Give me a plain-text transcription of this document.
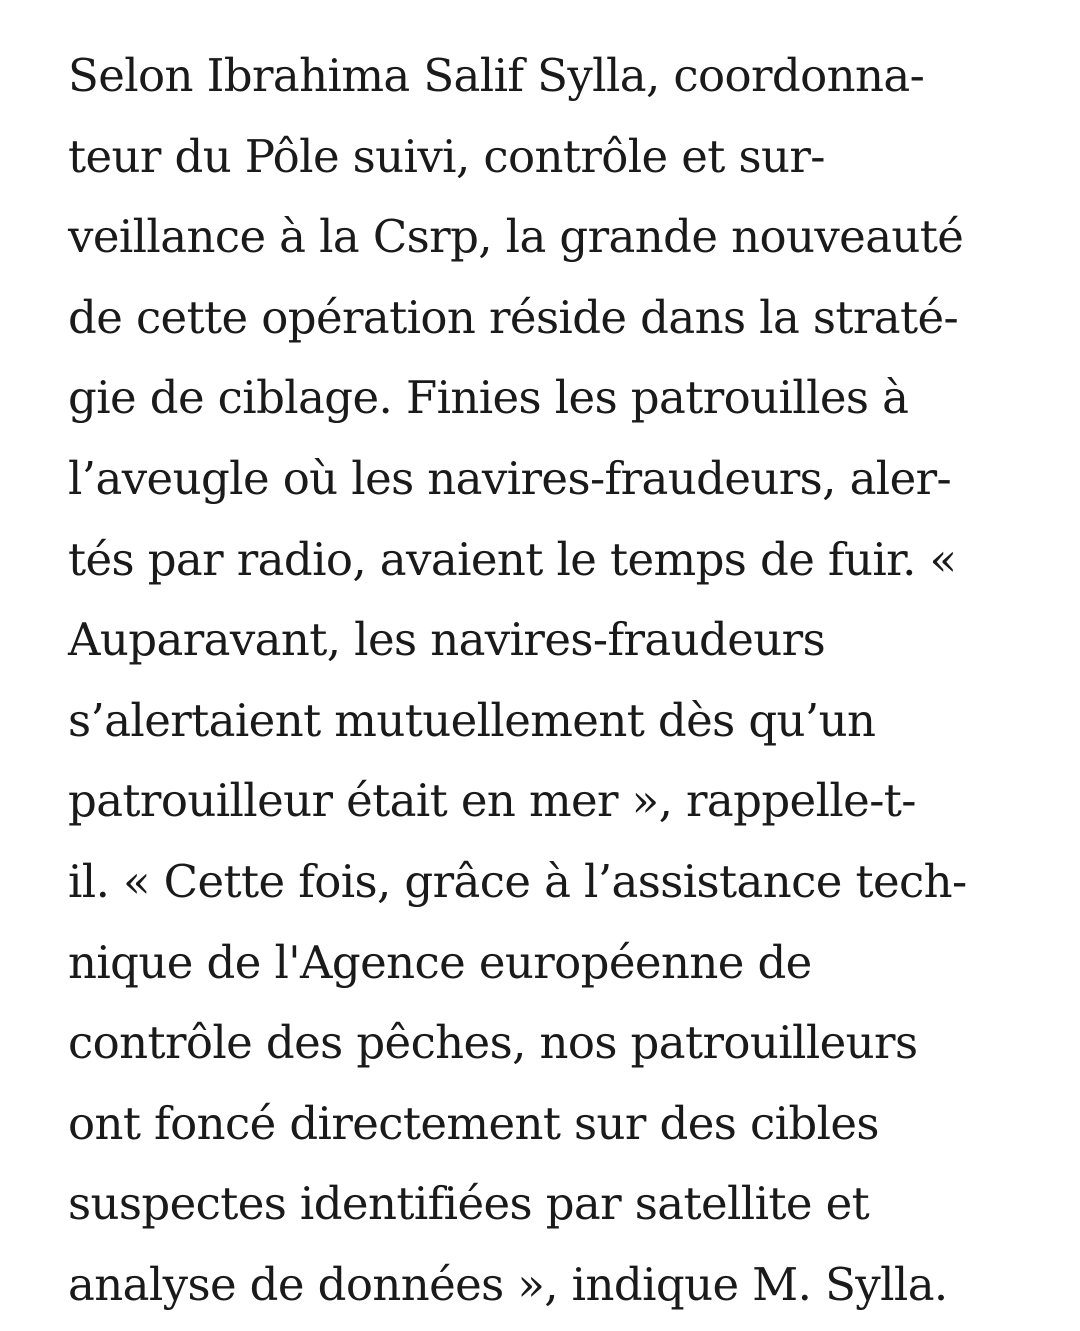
Selon Ibrahima Salif Sylla, coordonna-
teur du Pôle suivi, contrôle et sur-
veillance à la Csrp, la grande nouveauté
de cette opération réside dans la straté-
gie de ciblage. Finies les patrouilles à
l’aveugle où les navires-fraudeurs, aler-
tés par radio, avaient le temps de fuir. «
Auparavant, les navires-fraudeurs
s’alertaient mutuellement dès qu’un
patrouilleur était en mer », rappelle-t-
il. « Cette fois, grâce à l’assistance tech-
nique de l'Agence européenne de
contrôle des pêches, nos patrouilleurs
ont foncé directement sur des cibles
suspectes identifiées par satellite et
analyse de données », indique M. Sylla.
